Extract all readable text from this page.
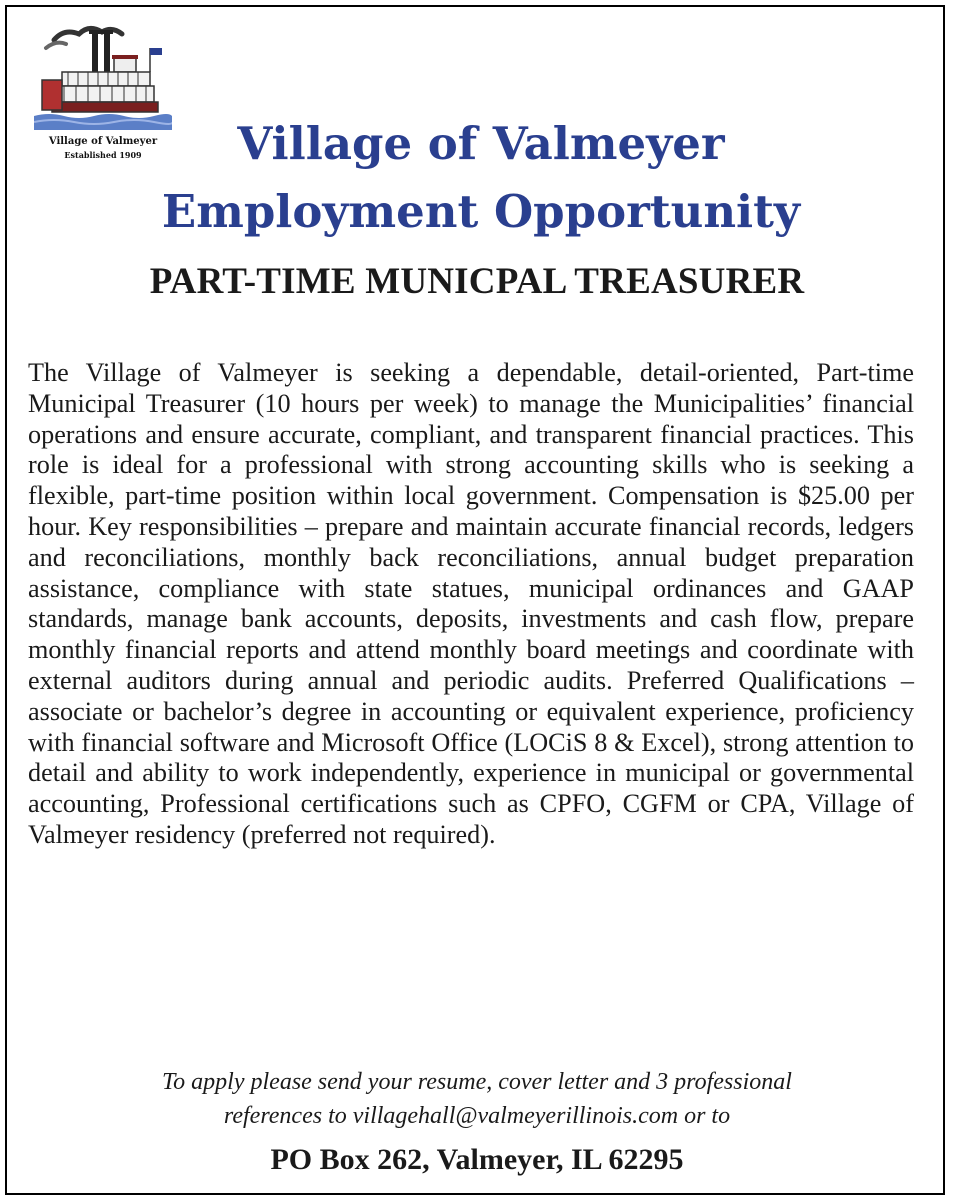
Village of Valmeyer
Established 1909	Village of Valmeyer
Employment Opportunity
PART-TIME MUNICPAL TREASURER

The Village of Valmeyer is seeking a dependable, detail-oriented, Part-time Municipal Treasurer (10 hours per week) to manage the Municipalities’ financial operations and ensure accurate, compliant, and transparent financial practices. This role is ideal for a professional with strong accounting skills who is seeking a flexible, part-time position within local government. Compensation is $25.00 per hour. Key responsibilities – prepare and maintain accurate financial records, ledgers and reconciliations, monthly back reconciliations, annual budget preparation assistance, compliance with state statues, municipal ordinances and GAAP standards, manage bank accounts, deposits, investments and cash flow, prepare monthly financial reports and attend monthly board meetings and coordinate with external auditors during annual and periodic audits. Preferred Qualifications – associate or bachelor’s degree in accounting or equivalent experience, proficiency with financial software and Microsoft Office (LOCiS 8 & Excel), strong attention to detail and ability to work independently, experience in municipal or governmental accounting, Professional certifications such as CPFO, CGFM or CPA, Village of Valmeyer residency (preferred not required).

To apply please send your resume, cover letter and 3 professional
references to villagehall@valmeyerillinois.com or to
PO Box 262, Valmeyer, IL 62295
